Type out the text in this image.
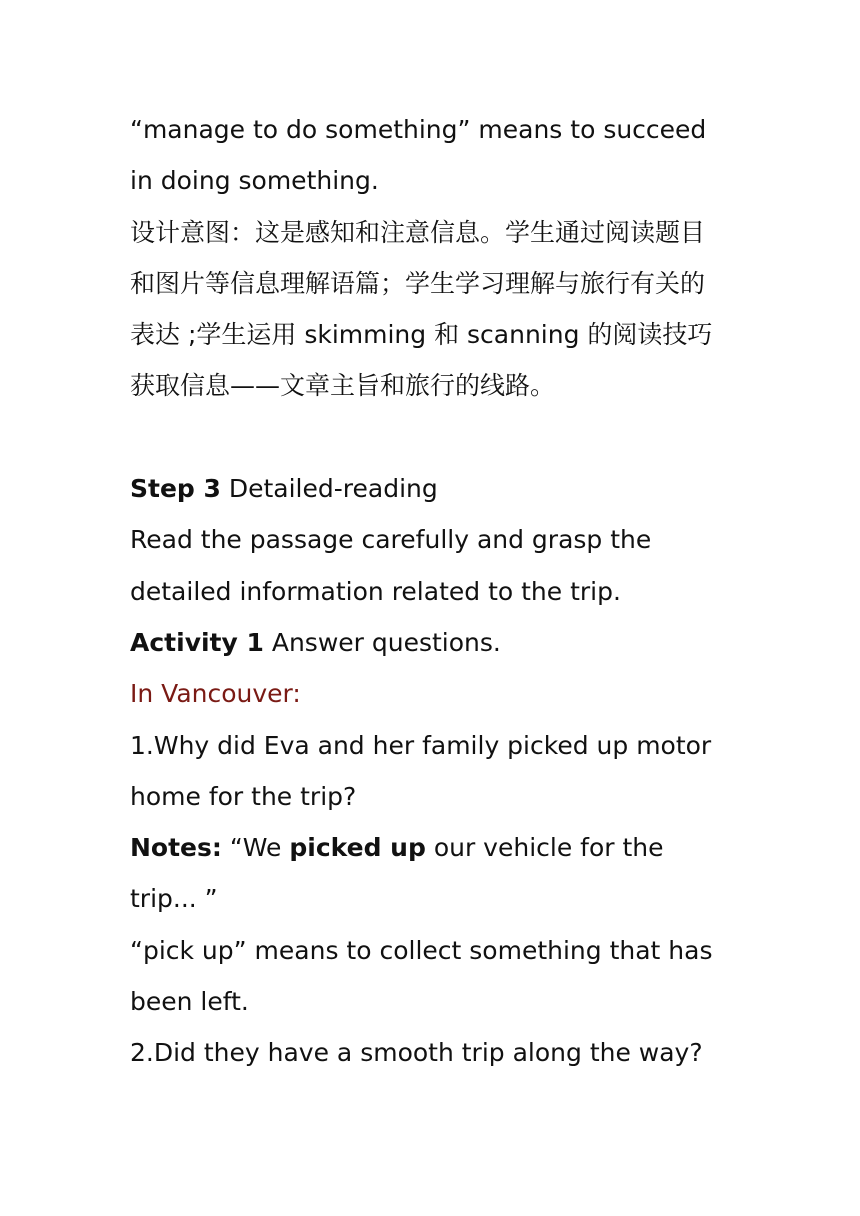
“manage to do something” means to succeed
in doing something.
设计意图：这是感知和注意信息。学生通过阅读题目
和图片等信息理解语篇；学生学习理解与旅行有关的
表达 ;学生运用 skimming 和 scanning 的阅读技巧
获取信息——文章主旨和旅行的线路。
Step 3 Detailed-reading
Read the passage carefully and grasp the
detailed information related to the trip.
Activity 1 Answer questions.
In Vancouver:
1.Why did Eva and her family picked up motor
home for the trip?
Notes: “We picked up our vehicle for the
trip... ”
“pick up” means to collect something that has
been left.
2.Did they have a smooth trip along the way?
